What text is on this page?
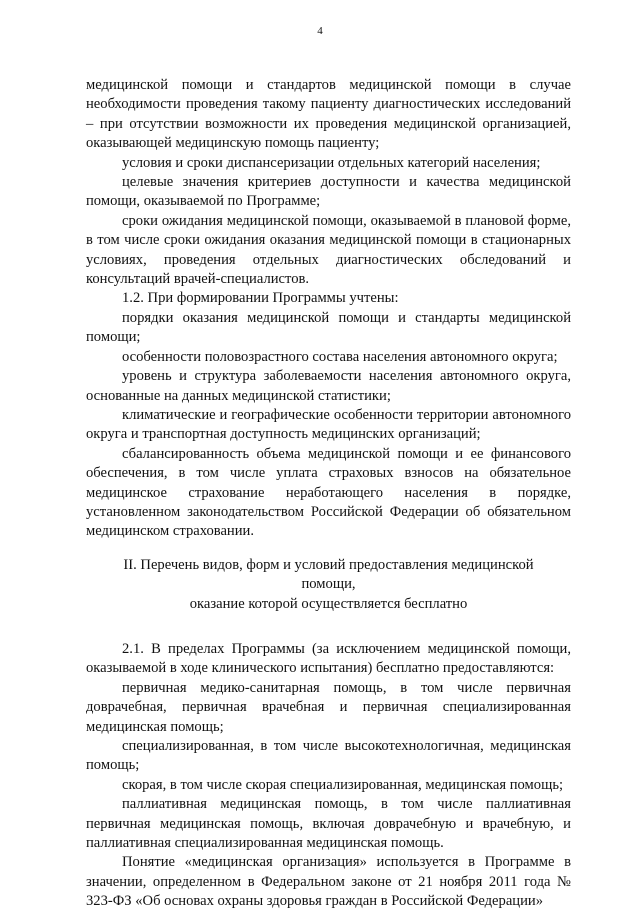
4

медицинской помощи и стандартов медицинской помощи в случае необходимости проведения такому пациенту диагностических исследований – при отсутствии возможности их проведения медицинской организацией, оказывающей медицинскую помощь пациенту;

условия и сроки диспансеризации отдельных категорий населения;

целевые значения критериев доступности и качества медицинской помощи, оказываемой по Программе;

сроки ожидания медицинской помощи, оказываемой в плановой форме, в том числе сроки ожидания оказания медицинской помощи в стационарных условиях, проведения отдельных диагностических обследований и консультаций врачей-специалистов.

1.2. При формировании Программы учтены:

порядки оказания медицинской помощи и стандарты медицинской помощи;

особенности половозрастного состава населения автономного округа;

уровень и структура заболеваемости населения автономного округа, основанные на данных медицинской статистики;

климатические и географические особенности территории автономного округа и транспортная доступность медицинских организаций;

сбалансированность объема медицинской помощи и ее финансового обеспечения, в том числе уплата страховых взносов на обязательное медицинское страхование неработающего населения в порядке, установленном законодательством Российской Федерации об обязательном медицинском страховании.

II. Перечень видов, форм и условий предоставления медицинской
помощи,
оказание которой осуществляется бесплатно

2.1. В пределах Программы (за исключением медицинской помощи, оказываемой в ходе клинического испытания) бесплатно предоставляются:

первичная медико-санитарная помощь, в том числе первичная доврачебная, первичная врачебная и первичная специализированная медицинская помощь;

специализированная, в том числе высокотехнологичная, медицинская помощь;

скорая, в том числе скорая специализированная, медицинская помощь;

паллиативная медицинская помощь, в том числе паллиативная первичная медицинская помощь, включая доврачебную и врачебную, и паллиативная специализированная медицинская помощь.

Понятие «медицинская организация» используется в Программе в значении, определенном в Федеральном законе от 21 ноября 2011 года № 323-ФЗ «Об основах охраны здоровья граждан в Российской Федерации»
